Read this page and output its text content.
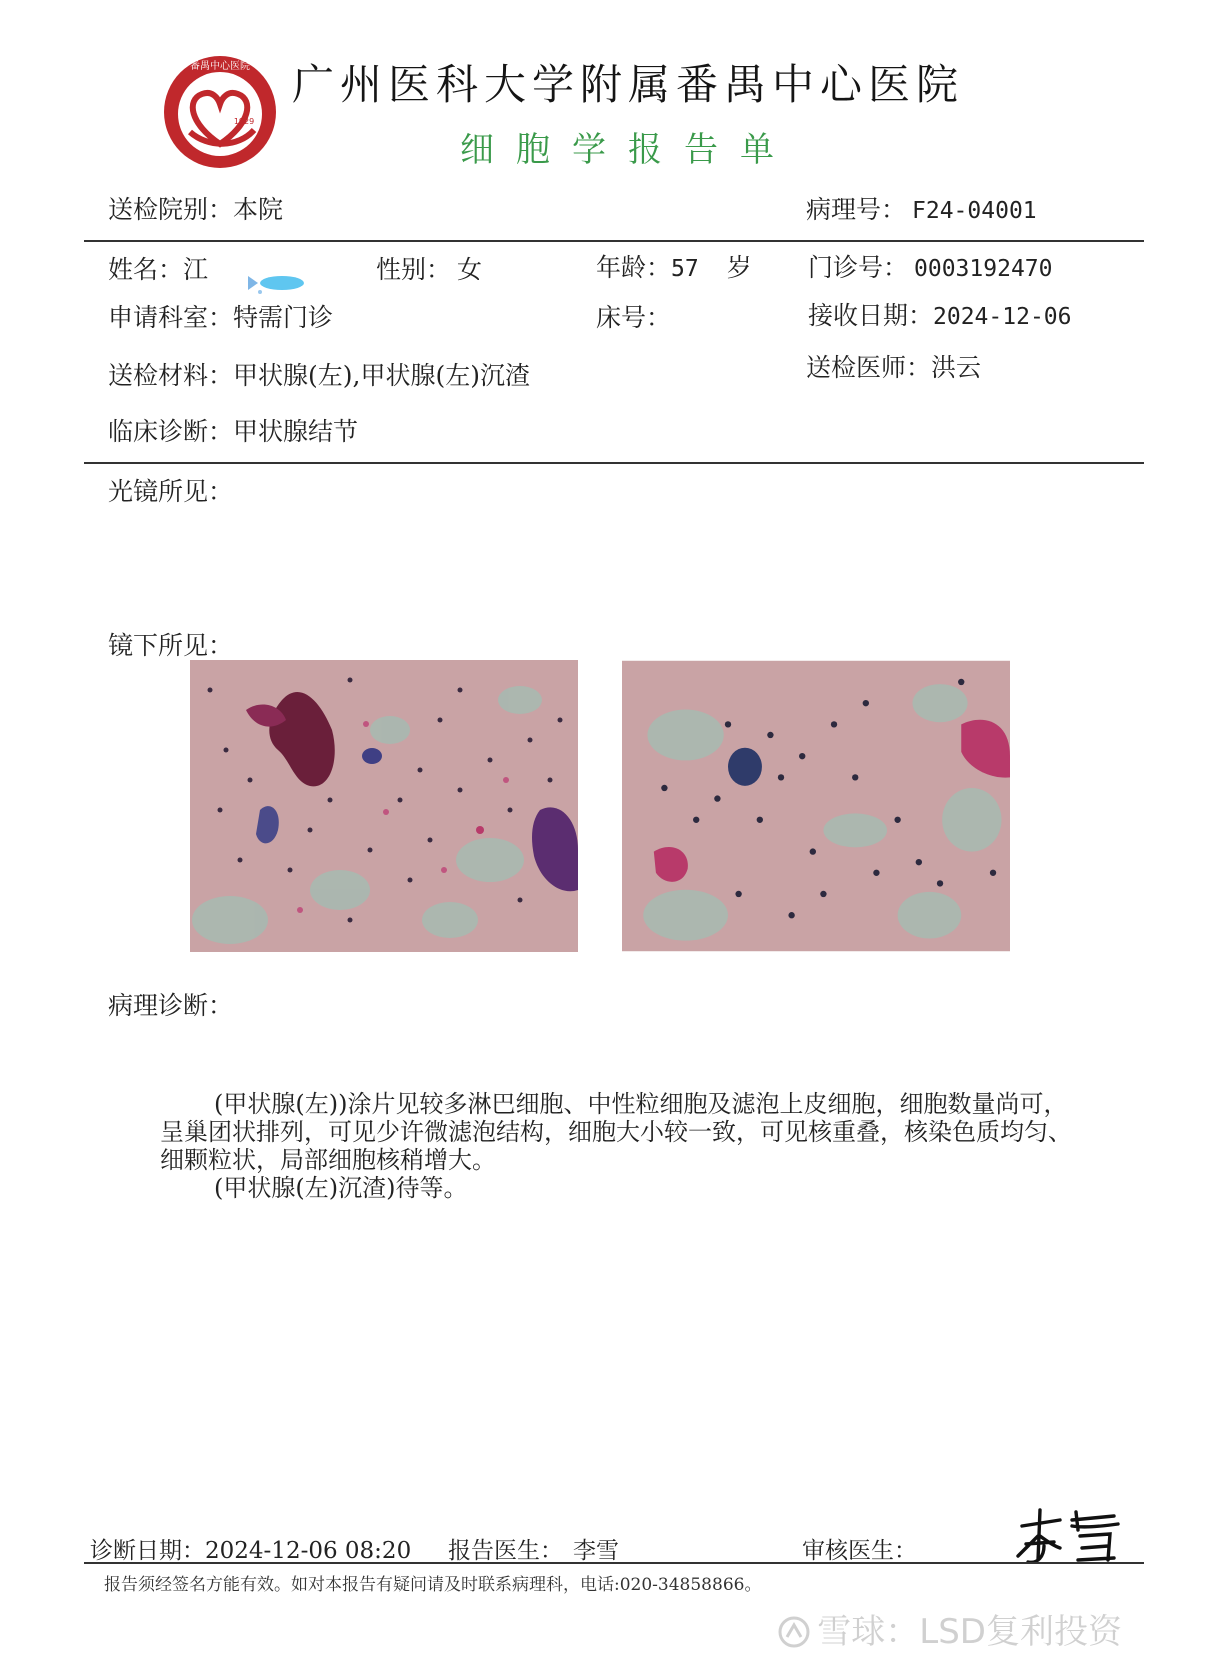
番禺中心医院
1929
广州医科大学附属番禺中心医院
细胞学报告单
送检院别：本院	病理号： F24-04001
姓名：江	性别： 女	年龄：57 岁 门诊号： 0003192470
申请科室：特需门诊	床号：	接收日期：2024-12-06
送检材料：甲状腺(左),甲状腺(左)沉渣	送检医师：洪云
临床诊断：甲状腺结节
光镜所见：
镜下所见：
病理诊断：

(甲状腺(左))涂片见较多淋巴细胞、中性粒细胞及滤泡上皮细胞，细胞数量尚可，呈巢团状排列，可见少许微滤泡结构，细胞大小较一致，可见核重叠，核染色质均匀、细颗粒状，局部细胞核稍增大。

(甲状腺(左)沉渣)待等。

诊断日期：2024-12-06 08:20 报告医生： 李雪	审核医生：
李雪
报告须经签名方能有效。如对本报告有疑问请及时联系病理科，电话:020-34858866。
雪球：LSD复利投资
